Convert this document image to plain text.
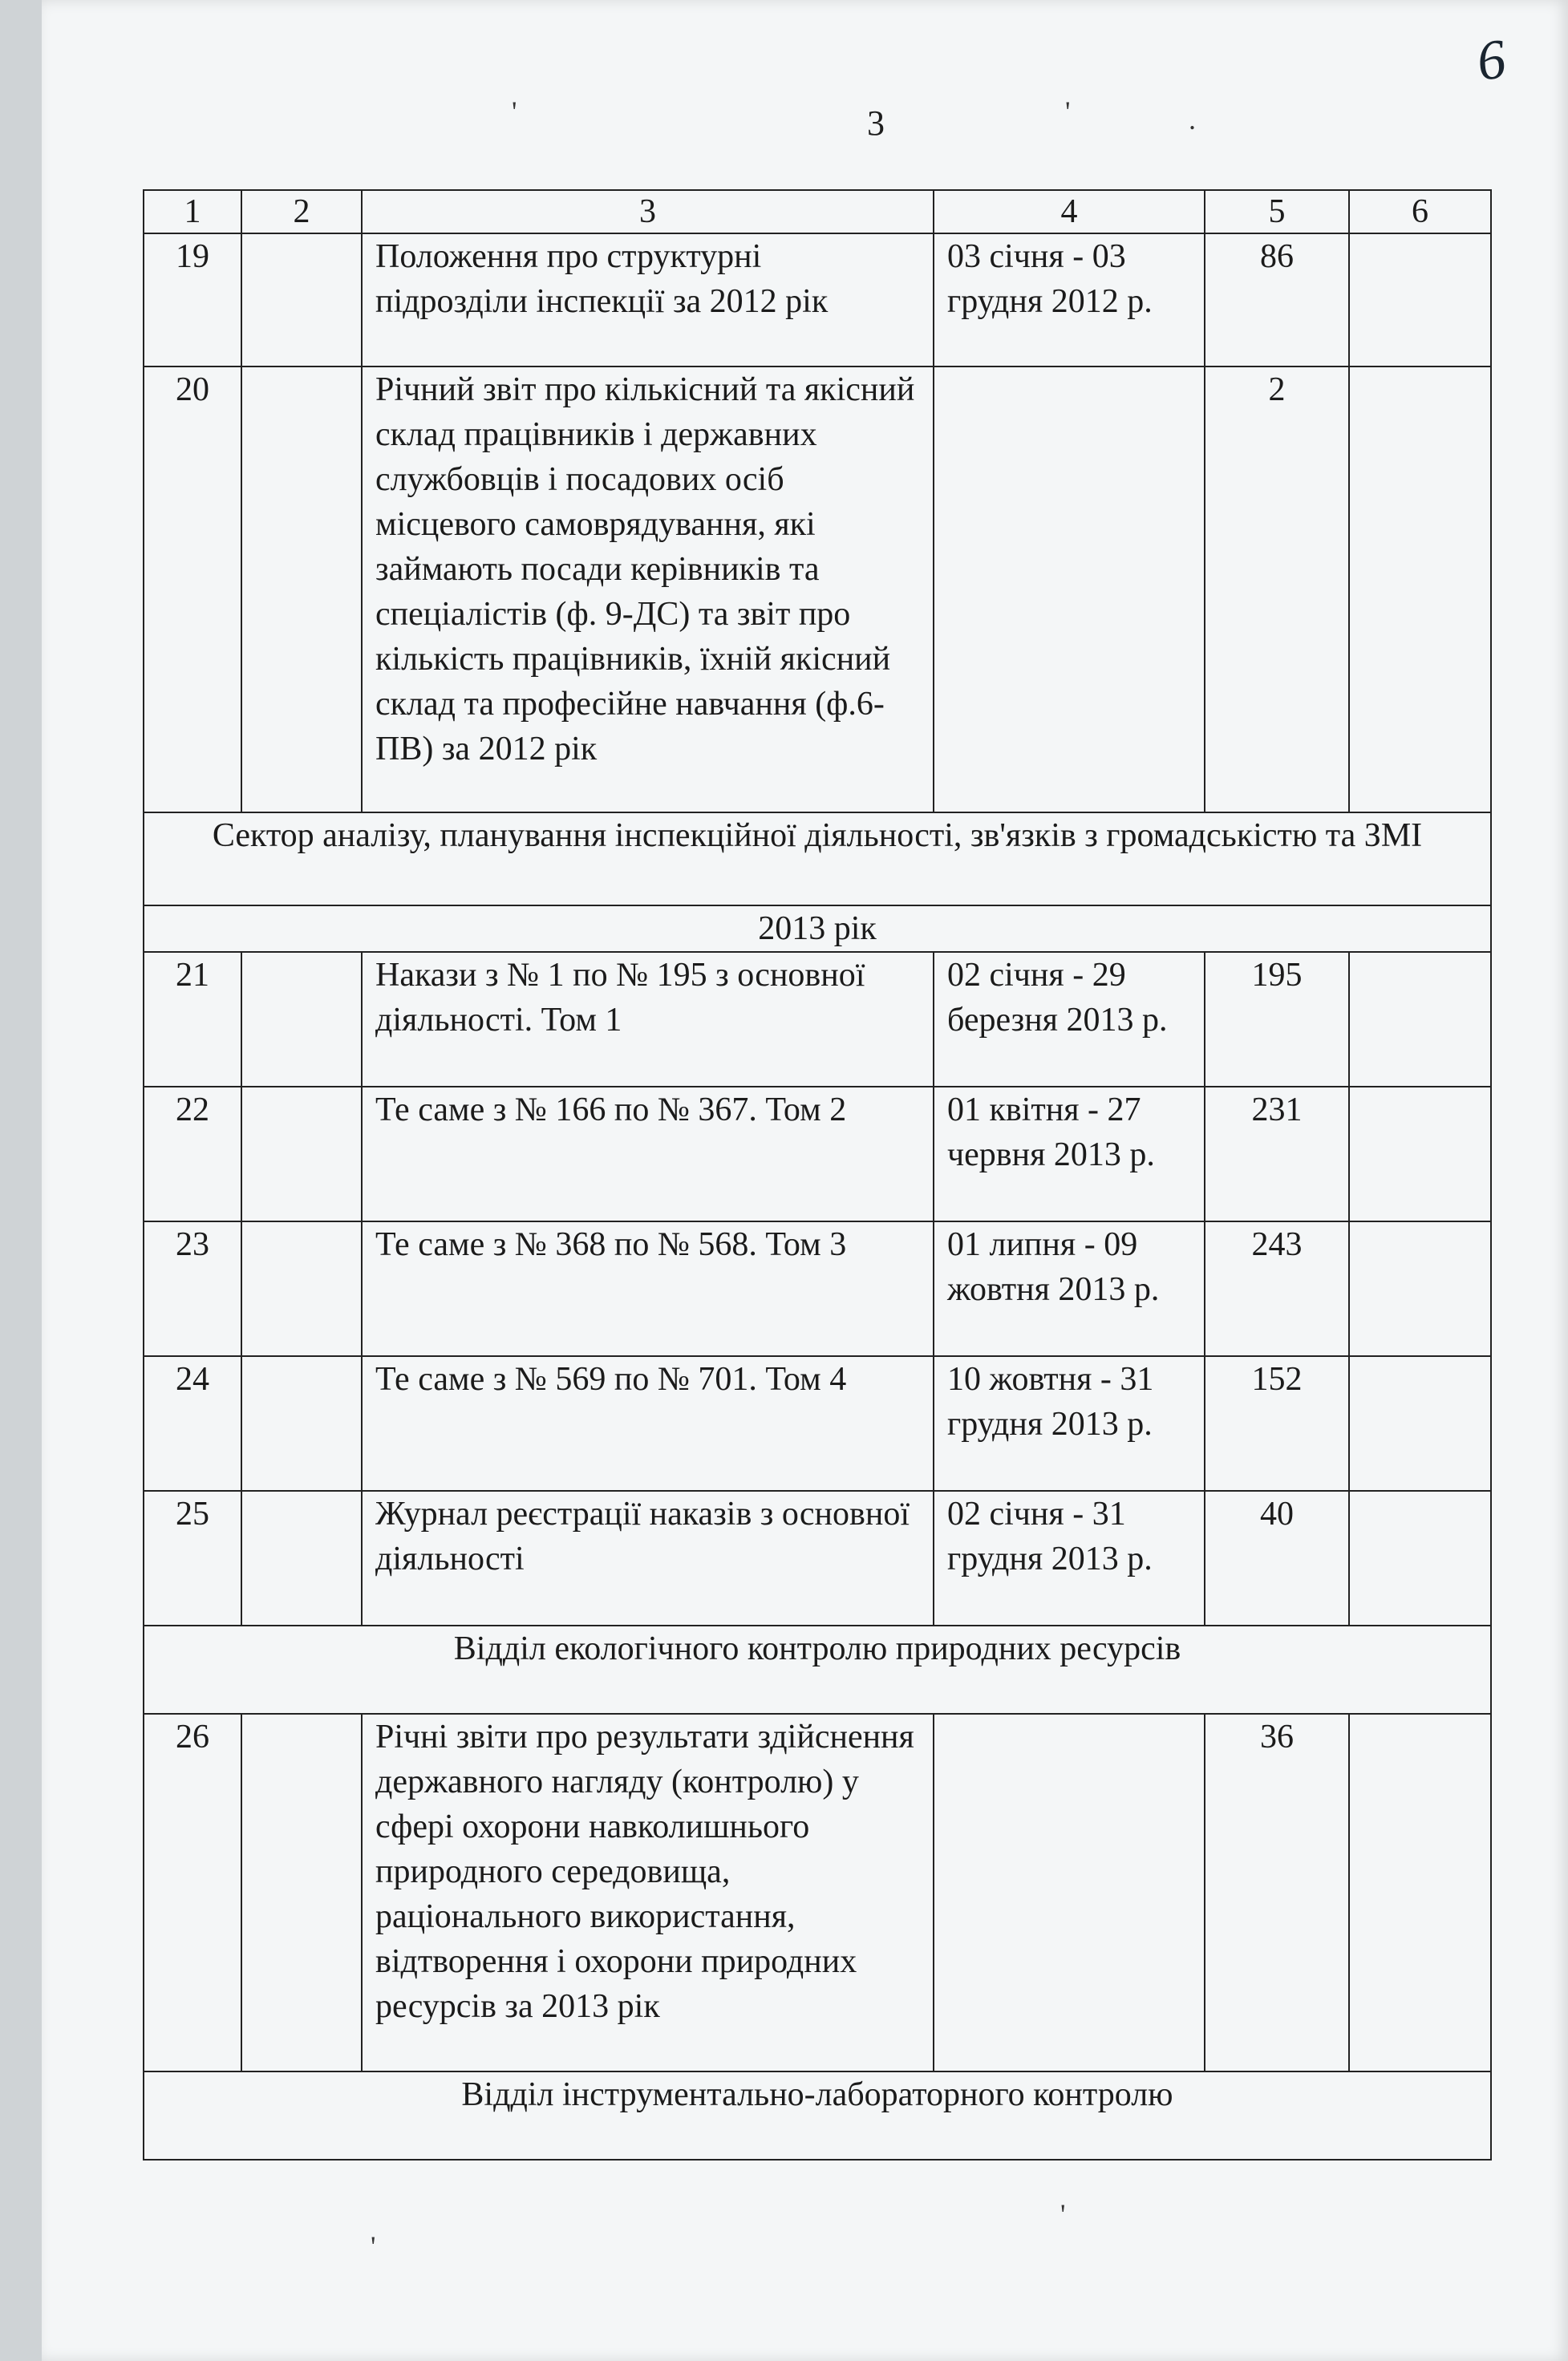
3
6
'	'	.
'
'
1	2	3	4	5	6
19		Положення про структурні підрозділи інспекції за 2012 рік	03 січня - 03 грудня 2012 р.	86	
20		Річний звіт про кількісний та якісний склад працівників і державних службовців і посадових осіб місцевого самоврядування, які займають посади керівників та спеціалістів (ф. 9-ДС) та звіт про кількість працівників, їхній якісний склад та професійне навчання (ф.6-ПВ) за 2012 рік		2	
Сектор аналізу, планування інспекційної діяльності, зв'язків з громадськістю та ЗМІ					
2013 рік					
21		Накази з № 1 по № 195 з основної діяльності. Том 1	02 січня - 29 березня 2013 р.	195	
22		Те саме з № 166 по № 367. Том 2	01 квітня - 27 червня 2013 р.	231	
23		Те саме з № 368 по № 568. Том 3	01 липня - 09 жовтня 2013 р.	243	
24		Те саме з № 569 по № 701. Том 4	10 жовтня - 31 грудня 2013 р.	152	
25		Журнал реєстрації наказів з основної діяльності	02 січня - 31 грудня 2013 р.	40	
Відділ екологічного контролю природних ресурсів					
26		Річні звіти про результати здійснення державного нагляду (контролю) у сфері охорони навколишнього природного середовища, раціонального використання, відтворення і охорони природних ресурсів за 2013 рік		36	
Відділ інструментально-лабораторного контролю					
